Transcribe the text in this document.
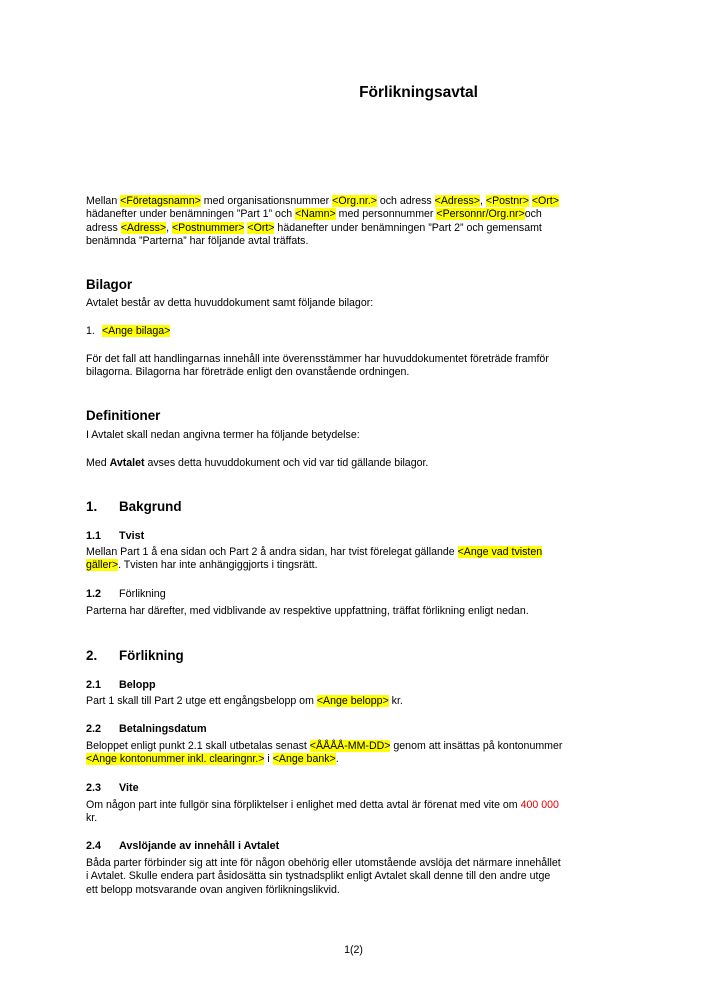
Förlikningsavtal

Mellan <Företagsnamn> med organisationsnummer <Org.nr.> och adress <Adress>, <Postnr> <Ort>

hädanefter under benämningen ”Part 1” och <Namn> med personnummer <Personnr/Org.nr>och

adress <Adress>, <Postnummer> <Ort> hädanefter under benämningen ”Part 2” och gemensamt

benämnda ”Parterna” har följande avtal träffats.

Bilagor
Avtalet består av detta huvuddokument samt följande bilagor:
1. <Ange bilaga>

För det fall att handlingarnas innehåll inte överensstämmer har huvuddokumentet företräde framför

bilagorna. Bilagorna har företräde enligt den ovanstående ordningen.

Definitioner
I Avtalet skall nedan angivna termer ha följande betydelse:
Med Avtalet avses detta huvuddokument och vid var tid gällande bilagor.
1. Bakgrund
1.1 Tvist

Mellan Part 1 å ena sidan och Part 2 å andra sidan, har tvist förelegat gällande <Ange vad tvisten

gäller>. Tvisten har inte anhängiggjorts i tingsrätt.

1.2 Förlikning
Parterna har därefter, med vidblivande av respektive uppfattning, träffat förlikning enligt nedan.
2. Förlikning
2.1 Belopp
Part 1 skall till Part 2 utge ett engångsbelopp om <Ange belopp> kr.
2.2 Betalningsdatum

Beloppet enligt punkt 2.1 skall utbetalas senast <ÅÅÅÅ-MM-DD> genom att insättas på kontonummer

<Ange kontonummer inkl. clearingnr.> i <Ange bank>.

2.3 Vite

Om någon part inte fullgör sina förpliktelser i enlighet med detta avtal är förenat med vite om 400 000

kr.

2.4 Avslöjande av innehåll i Avtalet

Båda parter förbinder sig att inte för någon obehörig eller utomstående avslöja det närmare innehållet

i Avtalet. Skulle endera part åsidosätta sin tystnadsplikt enligt Avtalet skall denne till den andre utge

ett belopp motsvarande ovan angiven förlikningslikvid.

1(2)
